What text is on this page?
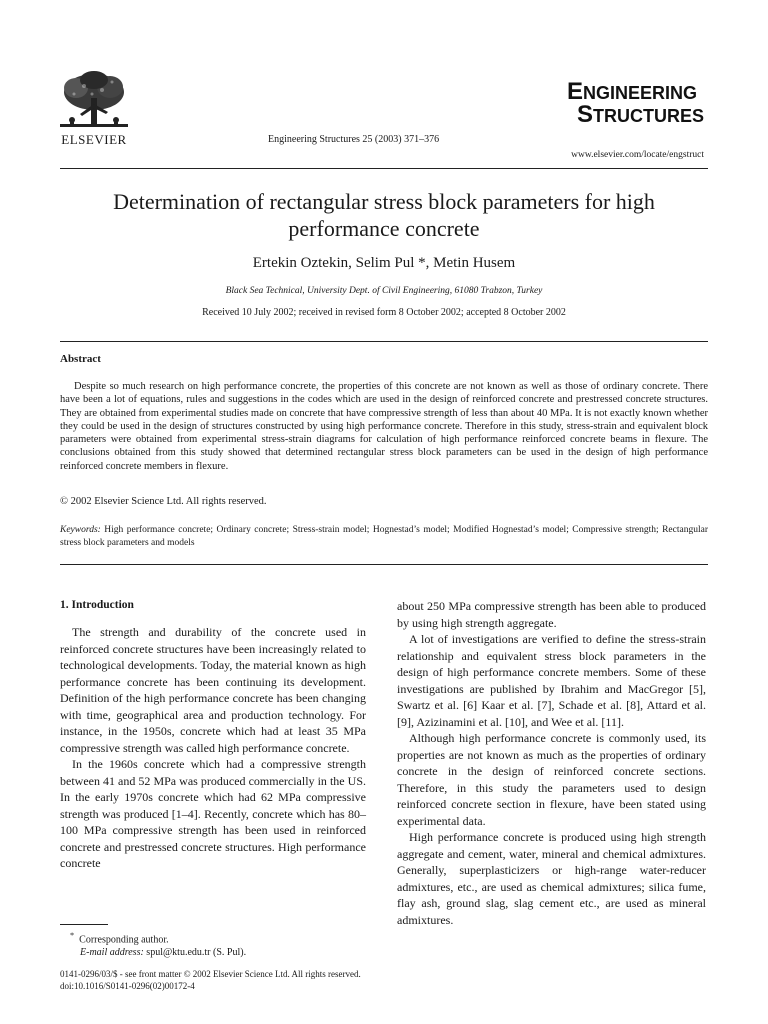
ELSEVIER	Engineering Structures 25 (2003) 371–376
ENGINEERING
STRUCTURES
www.elsevier.com/locate/engstruct
Determination of rectangular stress block parameters for high performance concrete
Ertekin Oztekin, Selim Pul *, Metin Husem
Black Sea Technical, University Dept. of Civil Engineering, 61080 Trabzon, Turkey
Received 10 July 2002; received in revised form 8 October 2002; accepted 8 October 2002
Abstract

Despite so much research on high performance concrete, the properties of this concrete are not known as well as those of ordinary concrete. There have been a lot of equations, rules and suggestions in the codes which are used in the design of reinforced concrete and prestressed concrete structures. They are obtained from experimental studies made on concrete that have compressive strength of less than about 40 MPa. It is not exactly known whether they could be used in the design of structures constructed by using high performance concrete. Therefore in this study, stress-strain and equivalent block parameters were obtained from experimental stress-strain diagrams for calculation of high performance reinforced concrete beams in flexure. The conclusions obtained from this study showed that determined rectangular stress block parameters can be used in the design of high performance reinforced concrete members in flexure.

© 2002 Elsevier Science Ltd. All rights reserved.
Keywords: High performance concrete; Ordinary concrete; Stress-strain model; Hognestad’s model; Modified Hognestad’s model; Compressive strength; Rectangular stress block parameters and models
1. Introduction

The strength and durability of the concrete used in reinforced concrete structures have been increasingly related to technological developments. Today, the material known as high performance concrete has been continuing its development. Definition of the high performance concrete has been changing with time, geographical area and production technology. For instance, in the 1950s, concrete which had at least 35 MPa compressive strength was called high performance concrete.

In the 1960s concrete which had a compressive strength between 41 and 52 MPa was produced commercially in the US. In the early 1970s concrete which had 62 MPa compressive strength was produced [1–4]. Recently, concrete which has 80–100 MPa compressive strength has been used in reinforced concrete and prestressed concrete structures. High performance concrete

about 250 MPa compressive strength has been able to produced by using high strength aggregate.

A lot of investigations are verified to define the stress-strain relationship and equivalent stress block parameters in the design of high performance concrete members. Some of these investigations are published by Ibrahim and MacGregor [5], Swartz et al. [6] Kaar et al. [7], Schade et al. [8], Attard et al. [9], Azizinamini et al. [10], and Wee et al. [11].

Although high performance concrete is commonly used, its properties are not known as much as the properties of ordinary concrete in the design of reinforced concrete sections. Therefore, in this study the parameters used to design reinforced concrete section in flexure, have been stated using experimental data.

High performance concrete is produced using high strength aggregate and cement, water, mineral and chemical admixtures. Generally, superplasticizers or high-range water-reducer admixtures, etc., are used as chemical admixtures; silica fume, flay ash, ground slag, slag cement etc., are used as mineral admixtures.

* Corresponding author.
E-mail address: spul@ktu.edu.tr (S. Pul).
0141-0296/03/$ - see front matter © 2002 Elsevier Science Ltd. All rights reserved.
doi:10.1016/S0141-0296(02)00172-4
